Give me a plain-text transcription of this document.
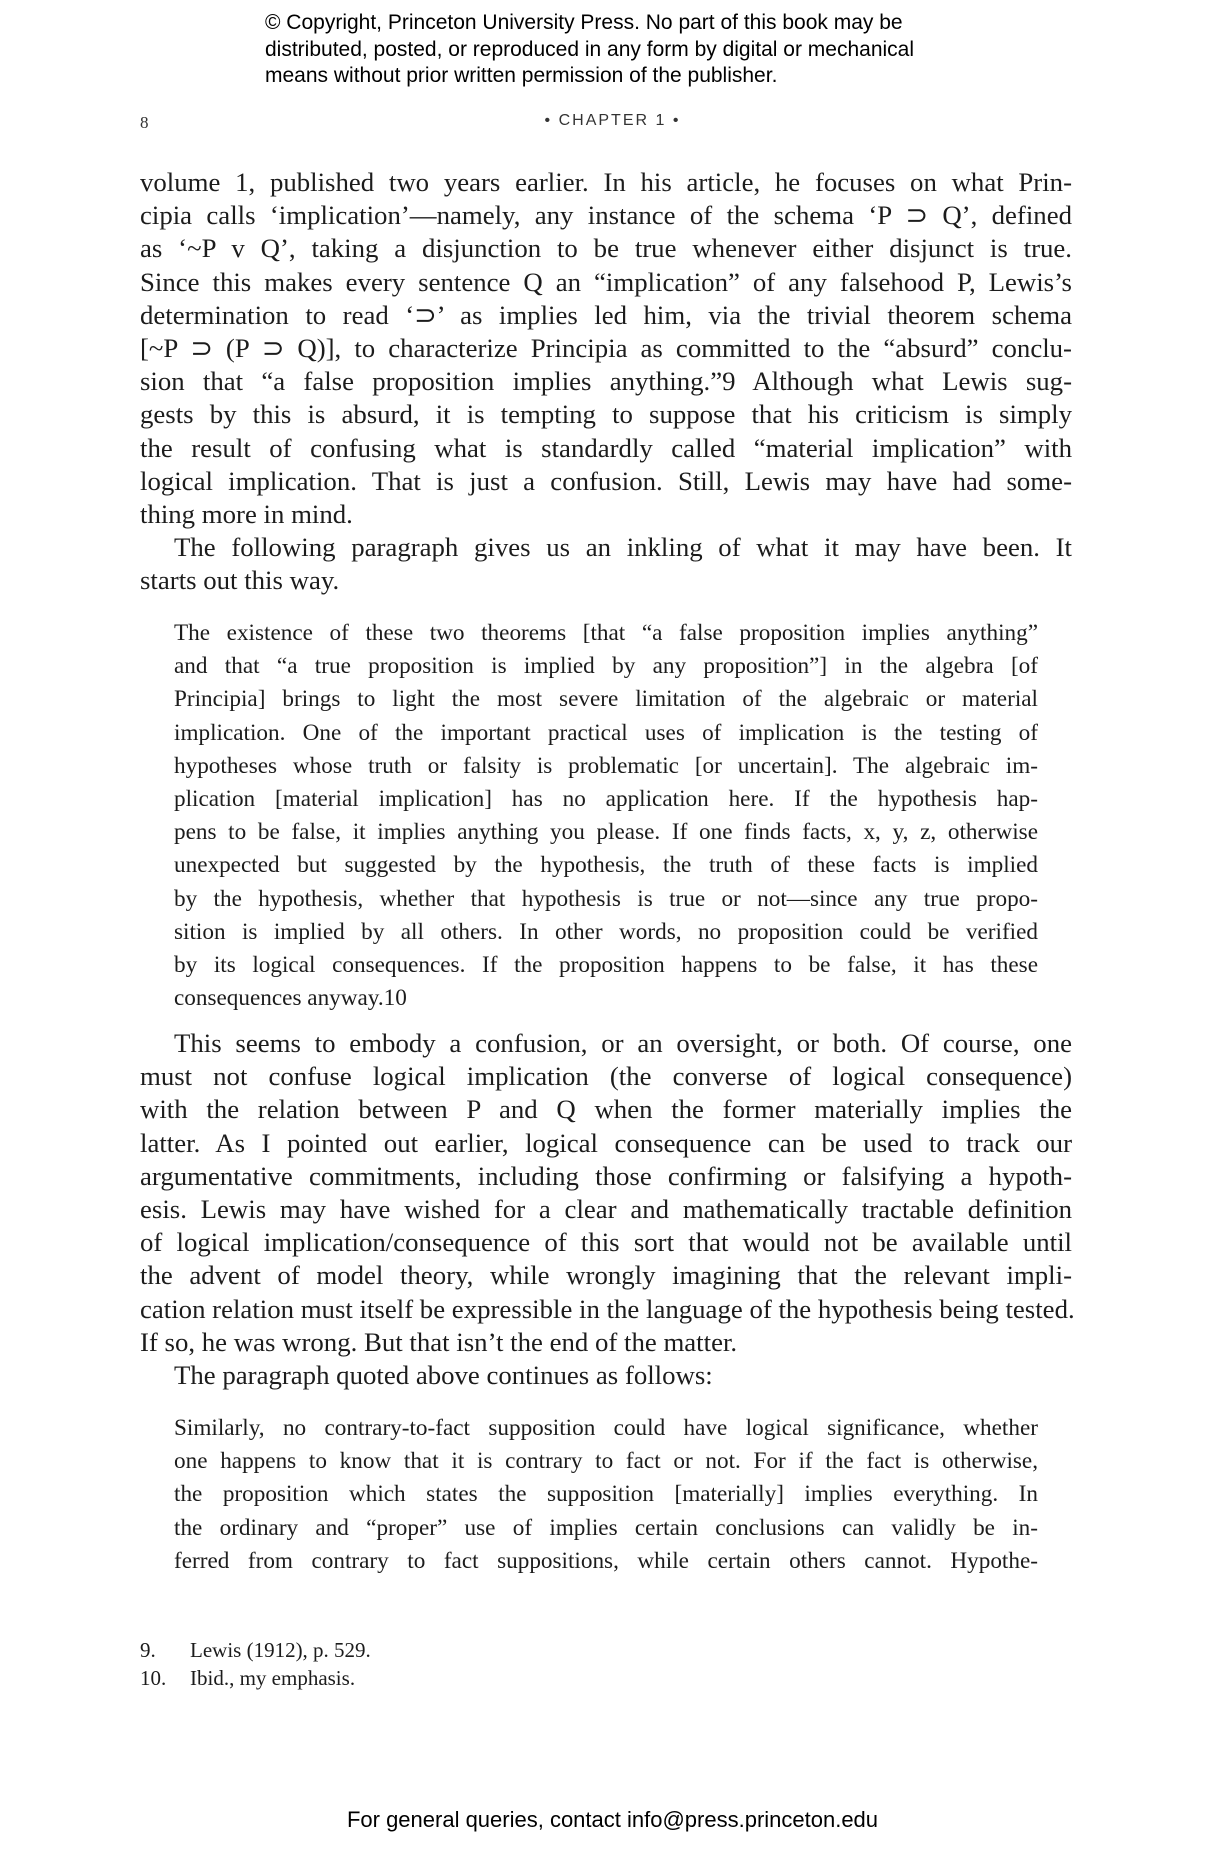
© Copyright, Princeton University Press. No part of this book may be
distributed, posted, or reproduced in any form by digital or mechanical
means without prior written permission of the publisher.
8	• CHAPTER 1 •
volume 1, published two years earlier. In his article, he focuses on what Prin-
cipia calls ‘implication’—namely, any instance of the schema ‘P ⊃ Q’, defined
as ‘~P v Q’, taking a disjunction to be true whenever either disjunct is true.
Since this makes every sentence Q an “implication” of any falsehood P, Lewis’s
determination to read ‘⊃’ as implies led him, via the trivial theorem schema
[~P ⊃ (P ⊃ Q)], to characterize Principia as committed to the “absurd” conclu-
sion that “a false proposition implies anything.”9 Although what Lewis sug-
gests by this is absurd, it is tempting to suppose that his criticism is simply
the result of confusing what is standardly called “material implication” with
logical implication. That is just a confusion. Still, Lewis may have had some-
thing more in mind.
The following paragraph gives us an inkling of what it may have been. It
starts out this way.
The existence of these two theorems [that “a false proposition implies anything”
and that “a true proposition is implied by any proposition”] in the algebra [of
Principia] brings to light the most severe limitation of the algebraic or material
implication. One of the important practical uses of implication is the testing of
hypotheses whose truth or falsity is problematic [or uncertain]. The algebraic im-
plication [material implication] has no application here. If the hypothesis hap-
pens to be false, it implies anything you please. If one finds facts, x, y, z, otherwise
unexpected but suggested by the hypothesis, the truth of these facts is implied
by the hypothesis, whether that hypothesis is true or not—since any true propo-
sition is implied by all others. In other words, no proposition could be verified
by its logical consequences. If the proposition happens to be false, it has these
consequences anyway.10
This seems to embody a confusion, or an oversight, or both. Of course, one
must not confuse logical implication (the converse of logical consequence)
with the relation between P and Q when the former materially implies the
latter. As I pointed out earlier, logical consequence can be used to track our
argumentative commitments, including those confirming or falsifying a hypoth-
esis. Lewis may have wished for a clear and mathematically tractable definition
of logical implication/consequence of this sort that would not be available until
the advent of model theory, while wrongly imagining that the relevant impli-
cation relation must itself be expressible in the language of the hypothesis being tested.
If so, he was wrong. But that isn’t the end of the matter.
The paragraph quoted above continues as follows:
Similarly, no contrary-to-fact supposition could have logical significance, whether
one happens to know that it is contrary to fact or not. For if the fact is otherwise,
the proposition which states the supposition [materially] implies everything. In
the ordinary and “proper” use of implies certain conclusions can validly be in-
ferred from contrary to fact suppositions, while certain others cannot. Hypothe-
9. Lewis (1912), p. 529.
10. Ibid., my emphasis.
For general queries, contact info@press.princeton.edu
